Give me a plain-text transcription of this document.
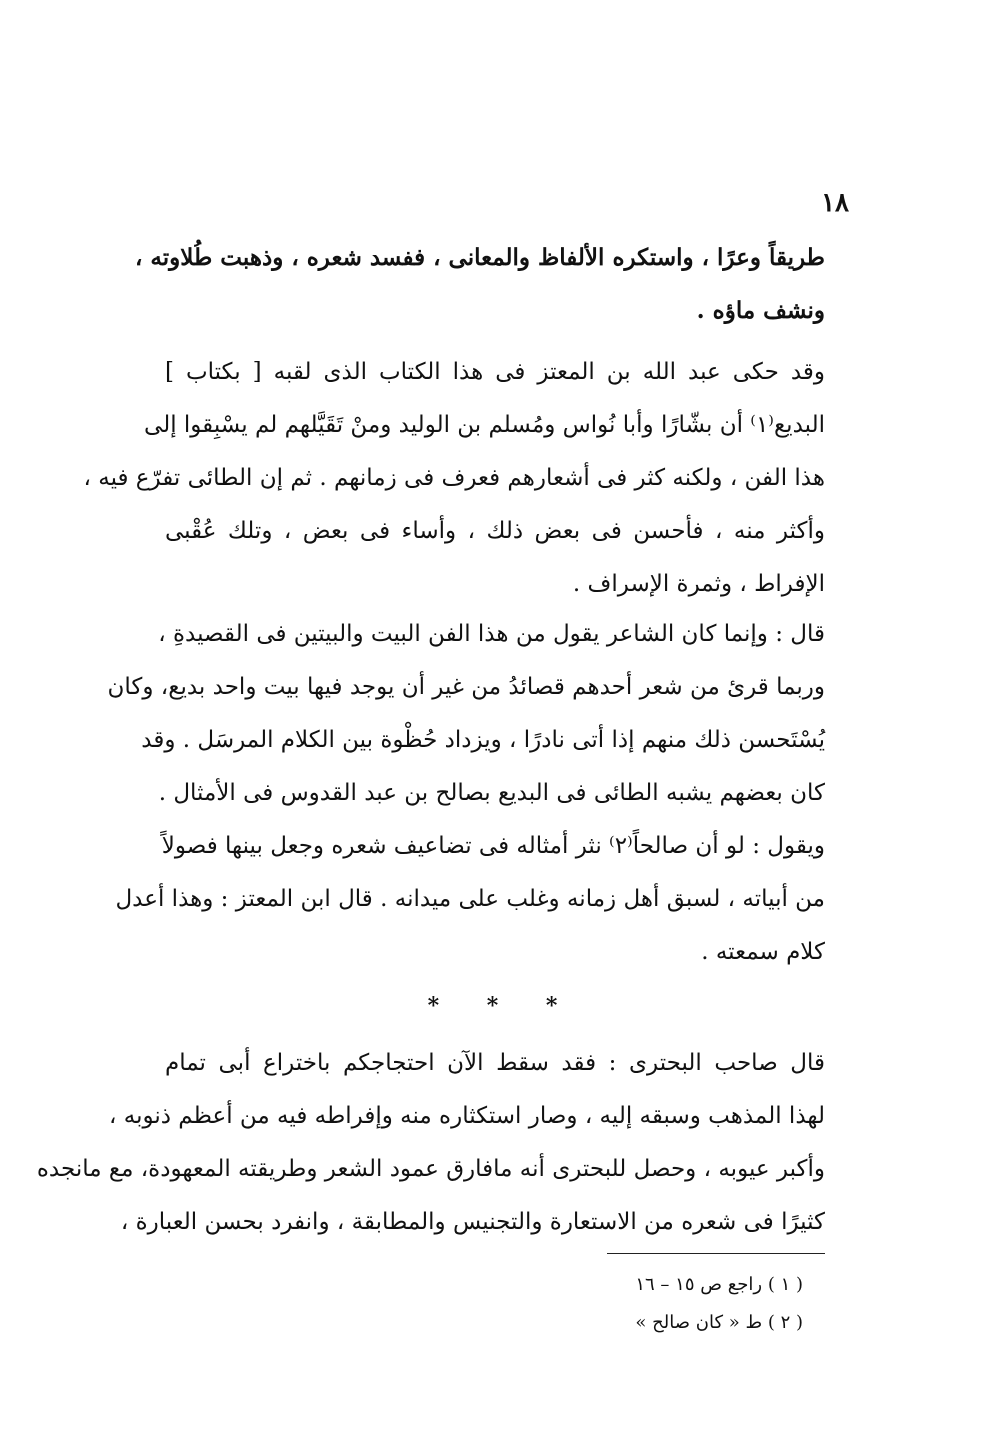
١٨
طريقاً وعرًا ، واستكره الألفاظ والمعانى ، ففسد شعره ، وذهبت طُلاوته ،
ونشف ماؤه .
وقد حكى عبد الله بن المعتز فى هذا الكتاب الذى لقبه [ بكتاب ]
البديع⁽١⁾ أن بشّارًا وأبا نُواس ومُسلم بن الوليد ومنْ تَقَيَّلهم لم يسْبِقوا إلى
هذا الفن ، ولكنه كثر فى أشعارهم فعرف فى زمانهم . ثم إن الطائى تفرّع فيه ،
وأكثر منه ، فأحسن فى بعض ذلك ، وأساء فى بعض ، وتلك عُقْبى
الإفراط ، وثمرة الإسراف .
قال : وإنما كان الشاعر يقول من هذا الفن البيت والبيتين فى القصيدةِ ،
وربما قرئ من شعر أحدهم قصائدُ من غير أن يوجد فيها بيت واحد بديع، وكان
يُسْتَحسن ذلك منهم إذا أتى نادرًا ، ويزداد حُظْوة بين الكلام المرسَل . وقد
كان بعضهم يشبه الطائى فى البديع بصالح بن عبد القدوس فى الأمثال .
ويقول : لو أن صالحاً⁽٢⁾ نثر أمثاله فى تضاعيف شعره وجعل بينها فصولاً
من أبياته ، لسبق أهل زمانه وغلب على ميدانه . قال ابن المعتز : وهذا أعدل
كلام سمعته .
* * *
قال صاحب البحترى : فقد سقط الآن احتجاجكم باختراع أبى تمام
لهذا المذهب وسبقه إليه ، وصار استكثاره منه وإفراطه فيه من أعظم ذنوبه ،
وأكبر عيوبه ، وحصل للبحترى أنه مافارق عمود الشعر وطريقته المعهودة، مع مانجده
كثيرًا فى شعره من الاستعارة والتجنيس والمطابقة ، وانفرد بحسن العبارة ،
( ١ ) راجع ص ١٥ – ١٦
( ٢ ) ط « كان صالح »
